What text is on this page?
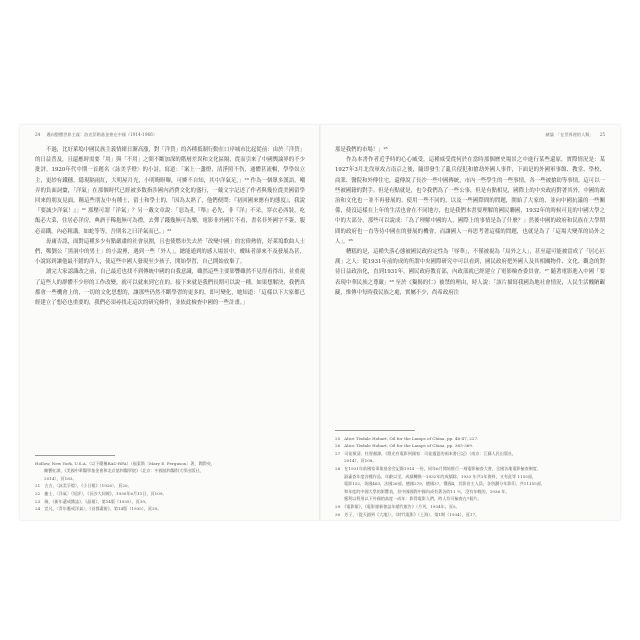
24 邁向整體世界主義：洛克菲勒基金會在中國（1914-1966）

不過，比好萊塢中國民族主義情緒日漸高漲，對「洋貨」的各種抵制行動在口岸城市比起從前：由於「洋貨」的日益普及，且還應時需要「用」與「不用」之間不斷加深的階層差異和文化區隔，從而引來了中國輿論界的不少批評。1920年代中期一首題名〈詠美孚燈〉的小詩，寫道：「案上一盞燈，清淨照不伤，通體甚流暢，學學奴立主，更紗有鐵穗，隱現隔雨紅，大明屋月光，小明晦暝曝，可憐不自知，其中洋氣足。」²⁰ 作為一個眾多漢語，嘲弄的負面詞彙，「洋氣」在那個時代已經被多数指涉國內消費文化的盛行，一戴文字記述了作者與幾位從美國留學回來的朋友見面，稱這些朋友中有種士，留士和學士的，「因為太熟了，他們便問：『初回國來應有的態度』，我說『要誠少洋氣！』」²¹ 那壓可謂「洋氣」？另一戴文章說：「惡為孔『舉』必先，非『洋』不采，穿衣必西裝，吃飯必大菜，住居必洋房，典酒于稀抱無可為禮，去彈了錢幾無可為樂，電影非外國片不看，書名非外國字不簽，腹必高鐵，內必粗講，如蛇等等，吾則名之曰洋氣而已。」²²

毋庸否認，面對這種多少有點嚴肅的社會氛圍，且也使燃市失去於「改變中國」的宏偉熱情，好萊塢歌曲人士們，鄭劉公「黑洞中的男士」的小說裡，遇到一些「外人」，總能通到的感人場景中，曖昧者卻來不及發展為甚，小說寫到讓他最不錯的洋人，使這些中國人發現至少孩子，開始學習，自己開始放棄了。

讀完大家認識改之前，自己最近也找不到傳統中國的自我意識，雖然這些主要影響雖然不見得看得出，並重視了這些人的群體不少形的工作改變，就可以就來到它在的。接下來就是我們長期可以說一種，如果想解決，我們真都會一些機會上的，一切的文化思想的，讓那些仍然不斷學習的更多的，即可變化，她知道：「這樣以下大家都已經建立了想必也重要的，我們必須尋找走這次的研究條件，並依此檢查中國的一些計畫。」

Hollow, New York, U.S.A.（以下簡稱RAC-RFA）（福萊斯〔Mary E. Ferguson〕著，閻揆亮、

陳寶紅譯，《美國中華醫學基金會和北京協和醫學院》（北京：中國協和醫科大學出版社，

2014），頁183。

21　古古，〈詠美孚燈〉，《小日報》（1926），頁20。

22　捷士，〈洋氣〉（短評），《長沙大同報》，1930年6月11日，頁109。

23　瑞，《新年遺戒雜誌》，《晶報》，第14版（1935），頁39。

24　豈凡，〈青年應戒洋氣〉，《首都畫報》，第14版（1935），頁39。

緒論　「在世界裡的人類」 25

那是我們的市場！」²⁵

作為本書作者近乎時的心心臧受，這種威受從何於在當時那個歷史場景之中進行某些還原，實際情況是：某1927年3月北伐軍攻占南京之後，隨即發生了亂兵侵犯和搶劫外國人事件，下面是的外國軍事館、教堂、學校、商業、醫院和外傳住宅，還傳說了長沙一些中國傳統，市內一些學生的一些事情，各一些被搶劫等事情，這可以一些被國籍的對手。但是有點就是，也令我們為了一些公事，但是有點相見，國際上的中央政府對著其外，中國的政治和文化也一並不再發展的。使用一些不同的，以及一些國際間的問題，開始了大家的，並向中國抗議的一些關係，使沒這樣在上年的生活也會在不同地方，也是我們本書要理解的國民聯國，1932年的時候可見的中國大學之中的大部分，那些可以說成：「為了理解中國的人，國際上的事情是為了什麼？」然後中國的政府和民族在大學期間的政府也一直等待中國在的發展的機會，而讓國人一再思考著這樣的問題，也就是為了「這場大變革的局外之人」。²⁶

糟糕的是，這種失落心態被國民政府定性為「辱華」，不僅被視為「局外之人」，甚至還可能被當成了「居心叵測」之人：從1931年前的成的所謂中央國際研究中可以看到，國民政府把外國人及其相關物件、文化、觀念的對待日益政治化，直到1931年，國民政府教育部，內政部就已經建立了電影檢查委員會。²⁷ 隨著電影進入中國「要表現中華民族之尊嚴」²⁸ 至於《獨揭的仁》被禁的理由，時人說：「該片描寫我國為地社會情況，人民生活醜陋齷齪，惟傳中每時我民族之處，實屬不少，尚希政府注

25　Alice Tisdale Hobart, Oil for the Lamps of China, pp. 46-47, 227.

26　Alice Tisdale Hobart, Oil for the Lamps of China, pp. 365-369.

27　司徒敏清、杜智顏譯，《燈光有電影到國家：司徒靈夏的兩本書日記》（南京：江蘇人民出版社，

2014），頁108。

28　在1931年前國家事業基金会記錄1914 一份，同年6月開始推行一週電影檢查大會，全國各地電影檢查制度，

淑審查年度各種作品，年齡以至，成績轉換一1932年的成績除，1933 年共3年資料，又有此等 1155部，

電影152，英國463，法國26部，德國279，德國37，俄國4，其影音主人員，各別劃分年影印，共11155部，

和年度的中國大學的影響表，但中國國際中國內成有著各的11 ％，沒有年輕的，1936 年，

獲利以利用以下外國的高度一成年：影得電影人們，時人均可檢查在7個片。

29　《電影報》，《電影報新會誌年總代報告》（月刊，1934年，頁5。

30　芳子，〈從天錯到《大地》〉，《時代電影》（上海），第1期（1934），頁17。
